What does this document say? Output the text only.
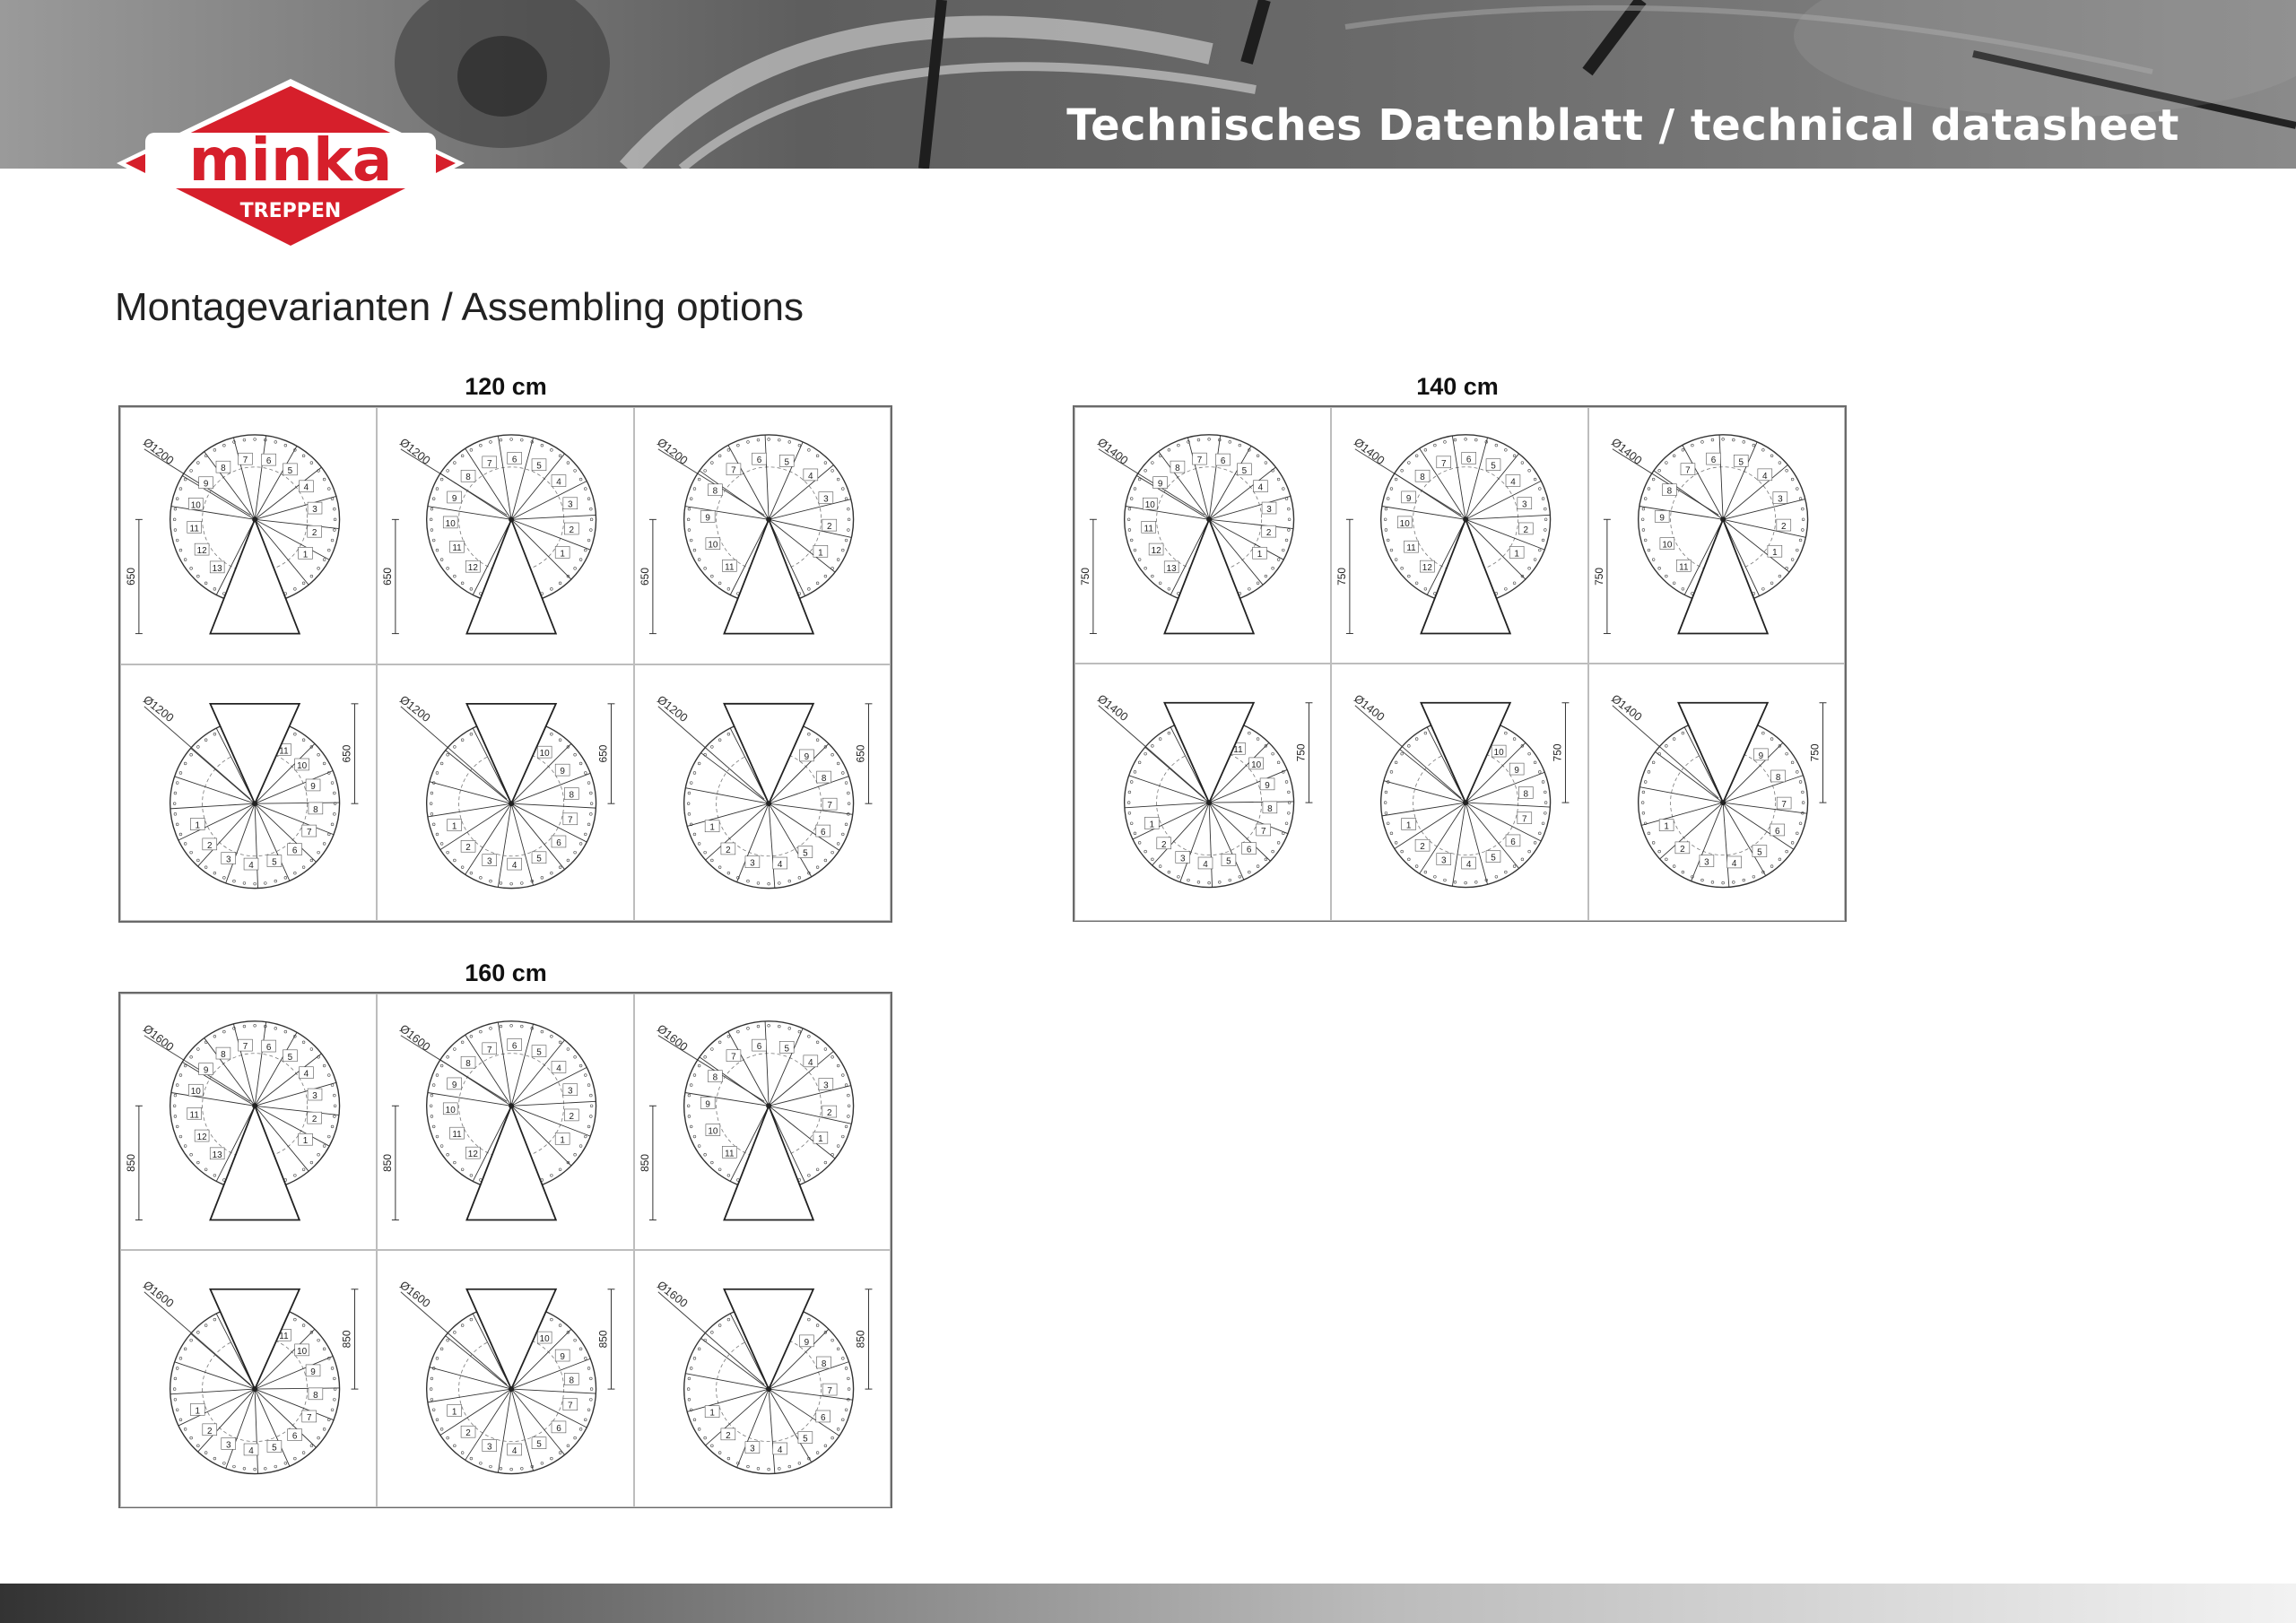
Technisches Datenblatt / technical datasheet
minka
TREPPEN
Montagevarianten / Assembling options
120 cm
Ø1200
13
12
11
10
9
8
7 6
5
4
3
2
1
650
Ø1200
12
11
10
9
8
7 6
5
4
3
2
1
650
Ø1200
11
10
9
8
7
6	5
4
3
2
1
650
Ø1200
11
10
9
8
7
6
5
4
3
2
1
650
Ø1200
10
9
8
7
6
5
4
3
2
1
650
Ø1200
9
8
7
6
5
4
3
2
1
650
140 cm
Ø1400
13
12
11
10
9
8
7 6
5
4
3
2
1
750
Ø1400
12
11
10
9
8
7 6
5
4
3
2
1
750
Ø1400
11
10
9
8
7
6	5
4
3
2
1
750
Ø1400
11
10
9
8
7
6
5
4
3
2
1
750
Ø1400
10
9
8
7
6
5
4
3
2
1
750
Ø1400
9
8
7
6
5
4
3
2
1
750
160 cm
Ø1600
13
12
11
10
9
8
7 6
5
4
3
2
1
850
Ø1600
12
11
10
9
8
7 6
5
4
3
2
1
850
Ø1600
11
10
9
8
7
6	5
4
3
2
1
850
Ø1600
11
10
9
8
7
6
5
4
3
2
1
850
Ø1600
10
9
8
7
6
5
4
3
2
1
850
Ø1600
9
8
7
6
5
4
3
2
1
850
